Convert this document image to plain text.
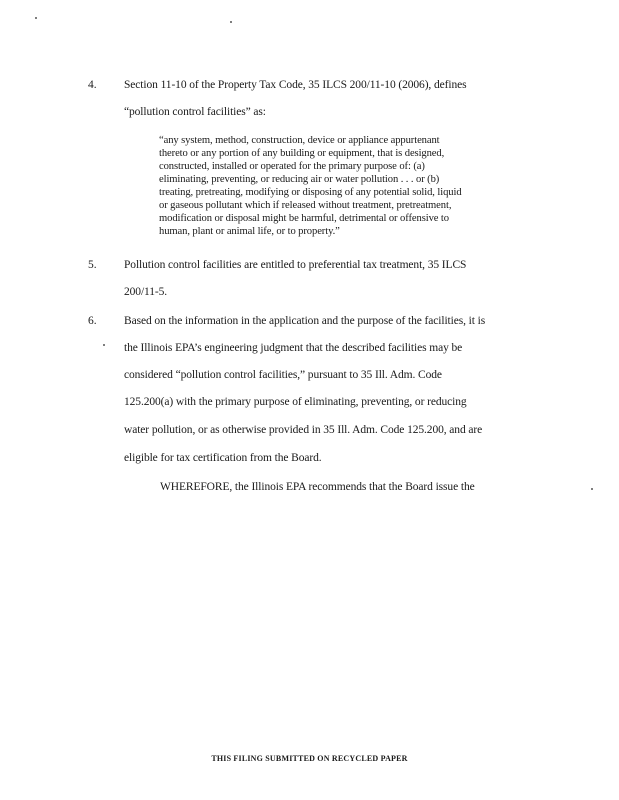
4. Section 11-10 of the Property Tax Code, 35 ILCS 200/11-10 (2006), defines
“pollution control facilities” as:
“any system, method, construction, device or appliance appurtenant
thereto or any portion of any building or equipment, that is designed,
constructed, installed or operated for the primary purpose of: (a)
eliminating, preventing, or reducing air or water pollution . . . or (b)
treating, pretreating, modifying or disposing of any potential solid, liquid
or gaseous pollutant which if released without treatment, pretreatment,
modification or disposal might be harmful, detrimental or offensive to
human, plant or animal life, or to property.”
5. Pollution control facilities are entitled to preferential tax treatment, 35 ILCS
200/11-5.
6. Based on the information in the application and the purpose of the facilities, it is
the Illinois EPA’s engineering judgment that the described facilities may be
considered “pollution control facilities,” pursuant to 35 Ill. Adm. Code
125.200(a) with the primary purpose of eliminating, preventing, or reducing
water pollution, or as otherwise provided in 35 Ill. Adm. Code 125.200, and are
eligible for tax certification from the Board.
WHEREFORE, the Illinois EPA recommends that the Board issue the
THIS FILING SUBMITTED ON RECYCLED PAPER
